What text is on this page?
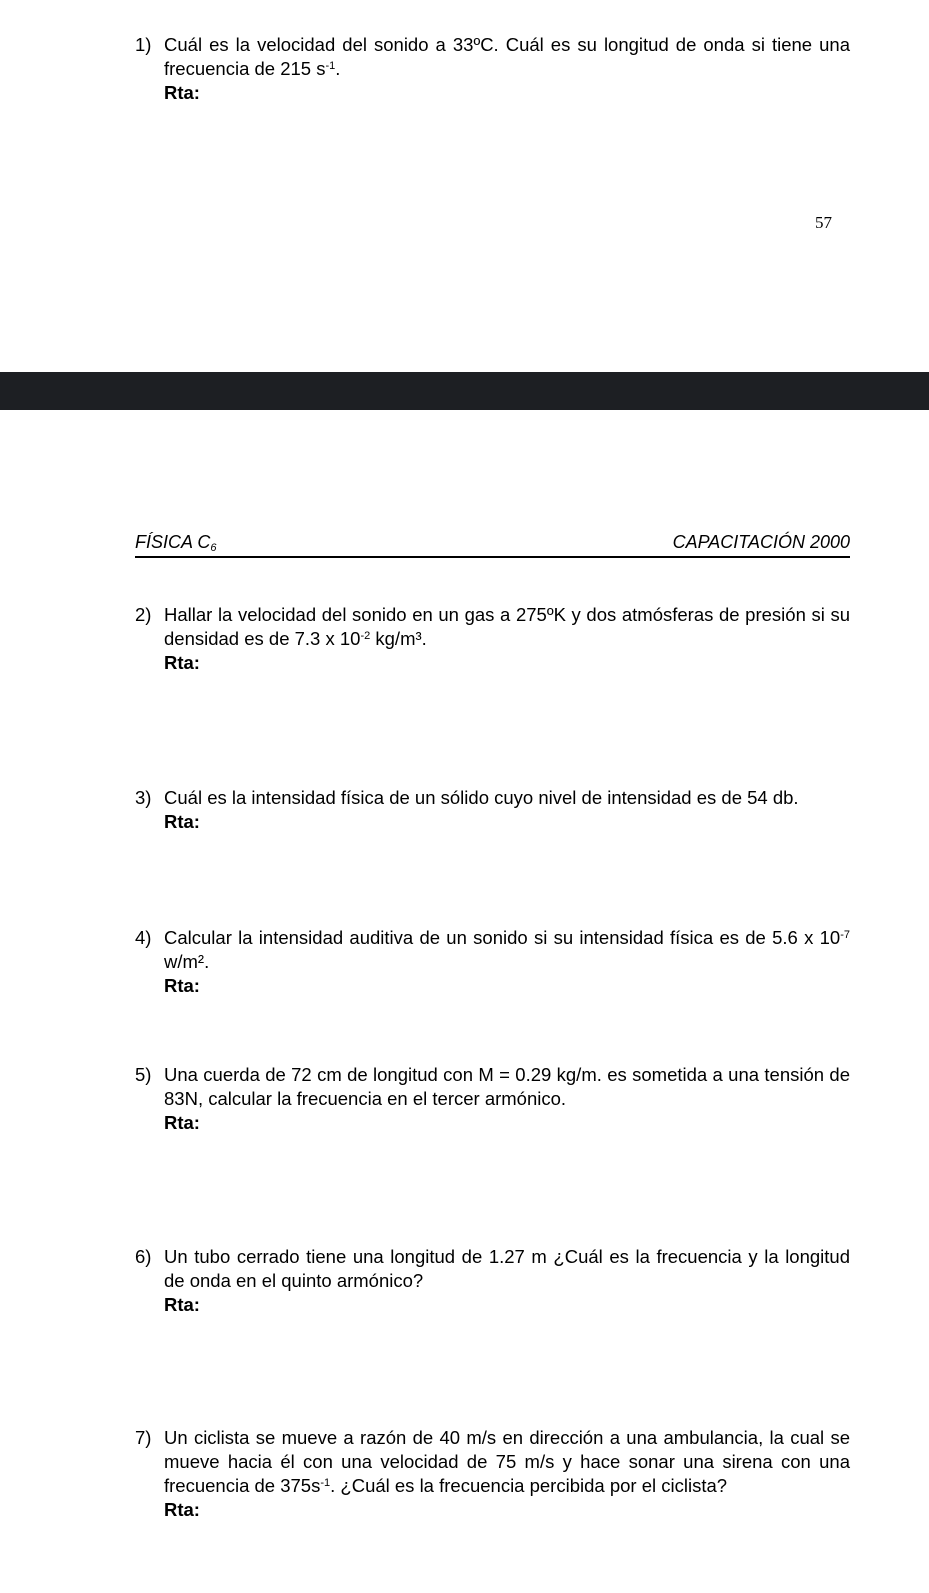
1) Cuál es la velocidad del sonido a 33ºC. Cuál es su longitud de onda si tiene una frecuencia de 215 $s^{-1}$.
Rta:
57
FÍSICA $C_6$	CAPACITACIÓN 2000
2) Hallar la velocidad del sonido en un gas a 275ºK y dos atmósferas de presión si su densidad es de 7.3 x $10^{-2}$ kg/m³.
Rta:
3) Cuál es la intensidad física de un sólido cuyo nivel de intensidad es de 54 db.
Rta:
4) Calcular la intensidad auditiva de un sonido si su intensidad física es de 5.6 x $10^{-7}$ w/m².
Rta:
5) Una cuerda de 72 cm de longitud con M = 0.29 kg/m. es sometida a una tensión de 83N, calcular la frecuencia en el tercer armónico.
Rta:
6) Un tubo cerrado tiene una longitud de 1.27 m ¿Cuál es la frecuencia y la longitud de onda en el quinto armónico?
Rta:
7) Un ciclista se mueve a razón de 40 m/s en dirección a una ambulancia, la cual se mueve hacia él con una velocidad de 75 m/s y hace sonar una sirena con una frecuencia de $375s^{-1}$. ¿Cuál es la frecuencia percibida por el ciclista?
Rta:
